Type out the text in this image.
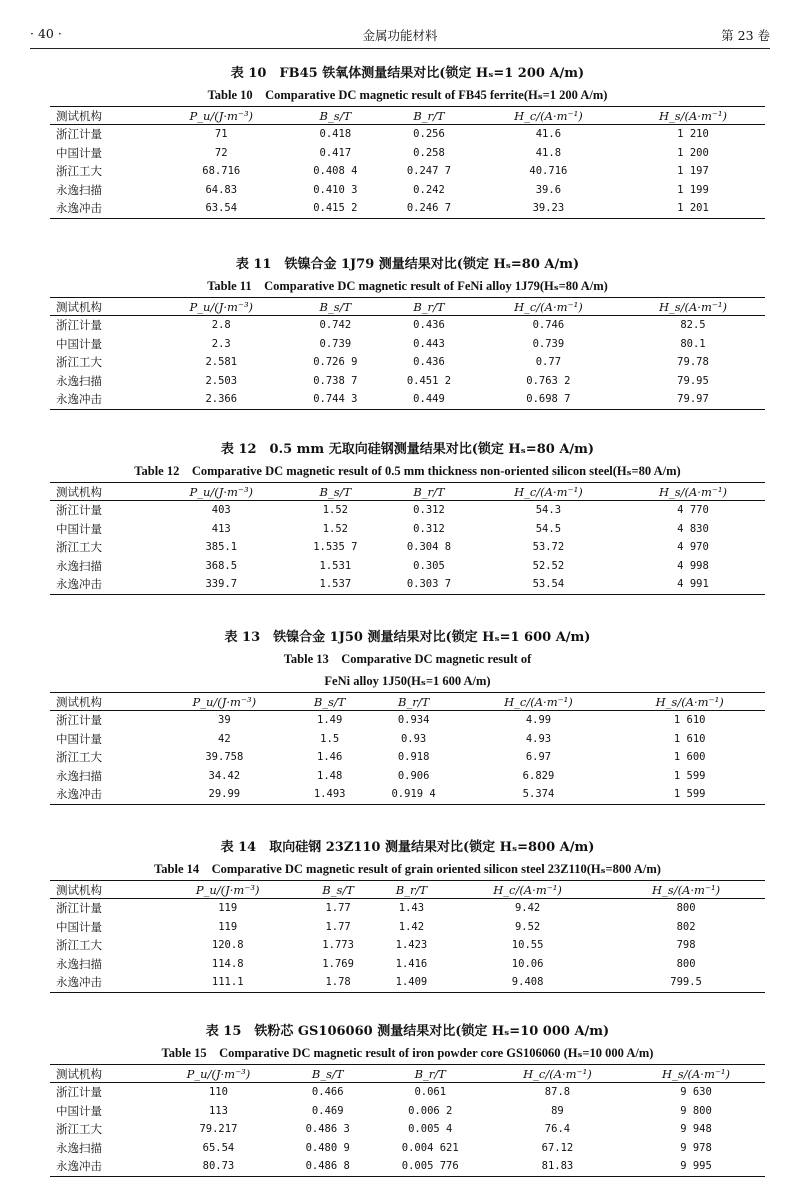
· 40 ·	金属功能材料	第 23 卷
表 10　FB45 铁氧体测量结果对比(锁定 Hₛ=1 200 A/m)
Table 10　Comparative DC magnetic result of FB45 ferrite(Hₛ=1 200 A/m)
测试机构	P_u/(J·m⁻³)	B_s/T	B_r/T	H_c/(A·m⁻¹)	H_s/(A·m⁻¹)
浙江计量	71	0.418	0.256	41.6	1 210
中国计量	72	0.417	0.258	41.8	1 200
浙江工大	68.716	0.408 4	0.247 7	40.716	1 197
永逸扫描	64.83	0.410 3	0.242	39.6	1 199
永逸冲击	63.54	0.415 2	0.246 7	39.23	1 201
表 11　铁镍合金 1J79 测量结果对比(锁定 Hₛ=80 A/m)
Table 11　Comparative DC magnetic result of FeNi alloy 1J79(Hₛ=80 A/m)
测试机构	P_u/(J·m⁻³)	B_s/T	B_r/T	H_c/(A·m⁻¹)	H_s/(A·m⁻¹)
浙江计量	2.8	0.742	0.436	0.746	82.5
中国计量	2.3	0.739	0.443	0.739	80.1
浙江工大	2.581	0.726 9	0.436	0.77	79.78
永逸扫描	2.503	0.738 7	0.451 2	0.763 2	79.95
永逸冲击	2.366	0.744 3	0.449	0.698 7	79.97
表 12　0.5 mm 无取向硅钢测量结果对比(锁定 Hₛ=80 A/m)
Table 12　Comparative DC magnetic result of 0.5 mm thickness non-oriented silicon steel(Hₛ=80 A/m)
测试机构	P_u/(J·m⁻³)	B_s/T	B_r/T	H_c/(A·m⁻¹)	H_s/(A·m⁻¹)
浙江计量	403	1.52	0.312	54.3	4 770
中国计量	413	1.52	0.312	54.5	4 830
浙江工大	385.1	1.535 7	0.304 8	53.72	4 970
永逸扫描	368.5	1.531	0.305	52.52	4 998
永逸冲击	339.7	1.537	0.303 7	53.54	4 991
表 13　铁镍合金 1J50 测量结果对比(锁定 Hₛ=1 600 A/m)
Table 13　Comparative DC magnetic result of
FeNi alloy 1J50(Hₛ=1 600 A/m)
测试机构	P_u/(J·m⁻³)	B_s/T	B_r/T	H_c/(A·m⁻¹)	H_s/(A·m⁻¹)
浙江计量	39	1.49	0.934	4.99	1 610
中国计量	42	1.5	0.93	4.93	1 610
浙江工大	39.758	1.46	0.918	6.97	1 600
永逸扫描	34.42	1.48	0.906	6.829	1 599
永逸冲击	29.99	1.493	0.919 4	5.374	1 599
表 14　取向硅钢 23Z110 测量结果对比(锁定 Hₛ=800 A/m)
Table 14　Comparative DC magnetic result of grain oriented silicon steel 23Z110(Hₛ=800 A/m)
测试机构	P_u/(J·m⁻³)	B_s/T	B_r/T	H_c/(A·m⁻¹)	H_s/(A·m⁻¹)
浙江计量	119	1.77	1.43	9.42	800
中国计量	119	1.77	1.42	9.52	802
浙江工大	120.8	1.773	1.423	10.55	798
永逸扫描	114.8	1.769	1.416	10.06	800
永逸冲击	111.1	1.78	1.409	9.408	799.5
表 15　铁粉芯 GS106060 测量结果对比(锁定 Hₛ=10 000 A/m)
Table 15　Comparative DC magnetic result of iron powder core GS106060 (Hₛ=10 000 A/m)
测试机构	P_u/(J·m⁻³)	B_s/T	B_r/T	H_c/(A·m⁻¹)	H_s/(A·m⁻¹)
浙江计量	110	0.466	0.061	87.8	9 630
中国计量	113	0.469	0.006 2	89	9 800
浙江工大	79.217	0.486 3	0.005 4	76.4	9 948
永逸扫描	65.54	0.480 9	0.004 621	67.12	9 978
永逸冲击	80.73	0.486 8	0.005 776	81.83	9 995
